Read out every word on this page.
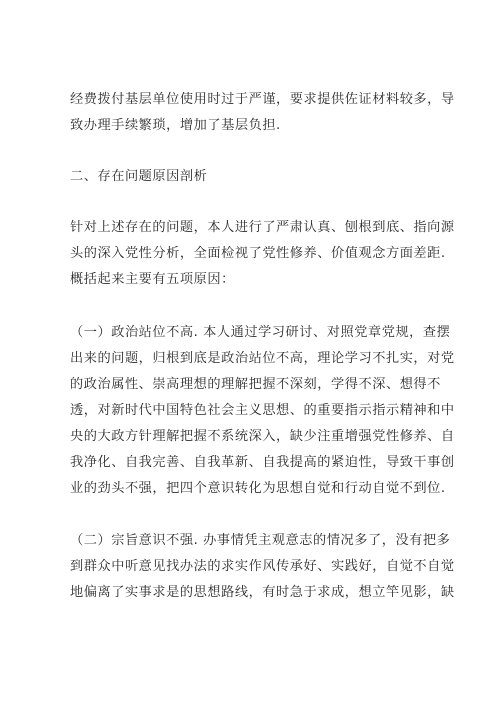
经费拨付基层单位使用时过于严谨，要求提供佐证材料较多，导
致办理手续繁琐，增加了基层负担.
二、存在问题原因剖析
针对上述存在的问题，本人进行了严肃认真、刨根到底、指向源
头的深入党性分析，全面检视了党性修养、价值观念方面差距.
概括起来主要有五项原因：
（一）政治站位不高. 本人通过学习研讨、对照党章党规，查摆
出来的问题，归根到底是政治站位不高，理论学习不扎实，对党
的政治属性、崇高理想的理解把握不深刻，学得不深、想得不
透，对新时代中国特色社会主义思想、的重要指示指示精神和中
央的大政方针理解把握不系统深入，缺少注重增强党性修养、自
我净化、自我完善、自我革新、自我提高的紧迫性，导致干事创
业的劲头不强，把四个意识转化为思想自觉和行动自觉不到位.
（二）宗旨意识不强. 办事情凭主观意志的情况多了，没有把多
到群众中听意见找办法的求实作风传承好、实践好，自觉不自觉
地偏离了实事求是的思想路线，有时急于求成，想立竿见影，缺
